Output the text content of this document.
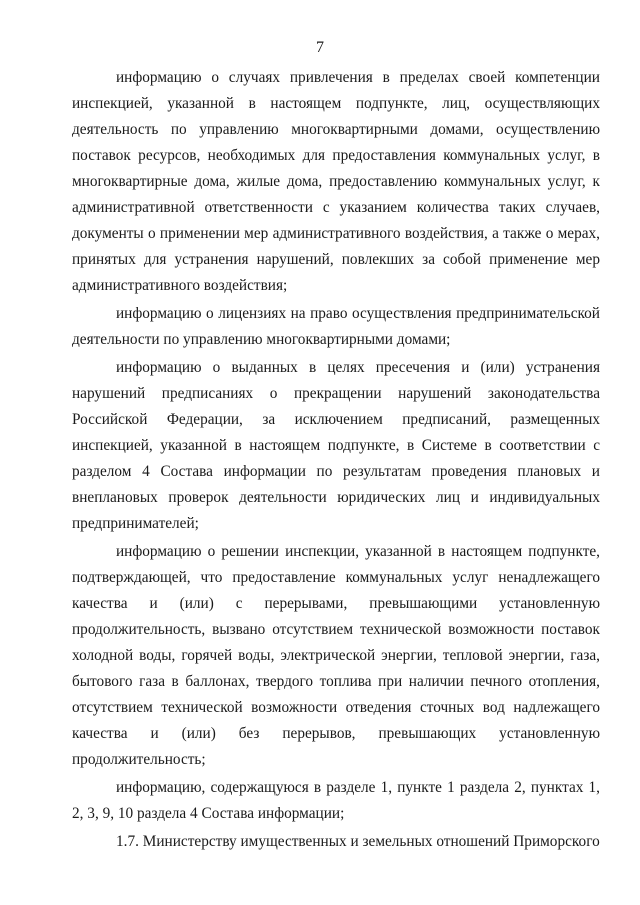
7

информацию о случаях привлечения в пределах своей компетенции инспекцией, указанной в настоящем подпункте, лиц, осуществляющих деятельность по управлению многоквартирными домами, осуществлению поставок ресурсов, необходимых для предоставления коммунальных услуг, в многоквартирные дома, жилые дома, предоставлению коммунальных услуг, к административной ответственности с указанием количества таких случаев, документы о применении мер административного воздействия, а также о мерах, принятых для устранения нарушений, повлекших за собой применение мер административного воздействия;

информацию о лицензиях на право осуществления предпринимательской деятельности по управлению многоквартирными домами;

информацию о выданных в целях пресечения и (или) устранения нарушений предписаниях о прекращении нарушений законодательства Российской Федерации, за исключением предписаний, размещенных инспекцией, указанной в настоящем подпункте, в Системе в соответствии с разделом 4 Состава информации по результатам проведения плановых и внеплановых проверок деятельности юридических лиц и индивидуальных предпринимателей;

информацию о решении инспекции, указанной в настоящем подпункте, подтверждающей, что предоставление коммунальных услуг ненадлежащего качества и (или) с перерывами, превышающими установленную продолжительность, вызвано отсутствием технической возможности поставок холодной воды, горячей воды, электрической энергии, тепловой энергии, газа, бытового газа в баллонах, твердого топлива при наличии печного отопления, отсутствием технической возможности отведения сточных вод надлежащего качества и (или) без перерывов, превышающих установленную продолжительность;

информацию, содержащуюся в разделе 1, пункте 1 раздела 2, пунктах 1, 2, 3, 9, 10 раздела 4 Состава информации;

1.7. Министерству имущественных и земельных отношений Приморского
